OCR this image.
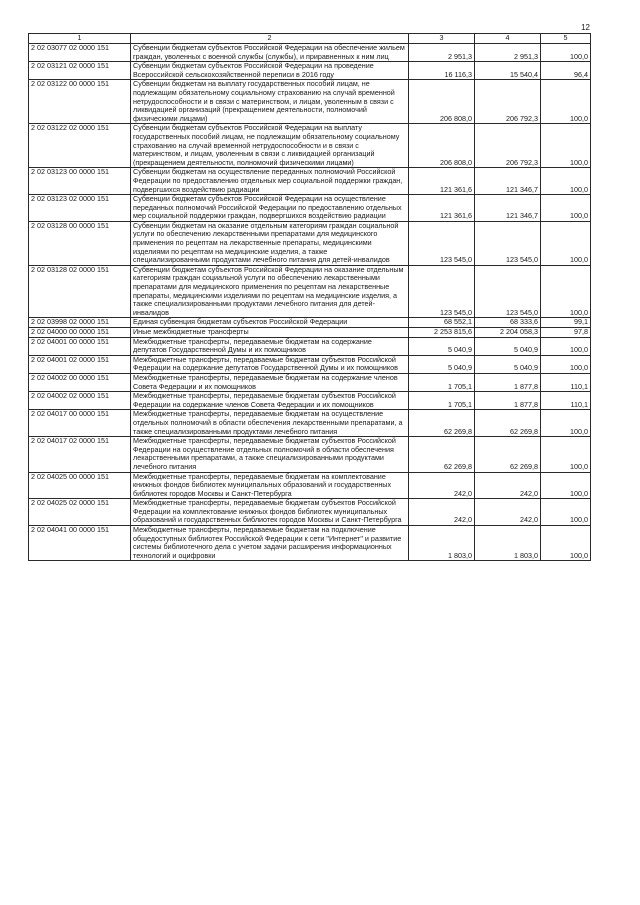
12
1	2	3	4	5
2 02 03077 02 0000 151	Субвенции бюджетам субъектов Российской Федерации на обеспечение жильем граждан, уволенных с военной службы (службы), и приравненных к ним лиц	2 951,3	2 951,3	100,0
2 02 03121 02 0000 151	Субвенции бюджетам субъектов Российской Федерации на проведение Всероссийской сельскохозяйственной переписи в 2016 году	16 116,3	15 540,4	96,4
2 02 03122 00 0000 151	Субвенции бюджетам на выплату государственных пособий лицам, не подлежащим обязательному социальному страхованию на случай временной нетрудоспособности и в связи с материнством, и лицам, уволенным в связи с ликвидацией организаций (прекращением деятельности, полномочий физическими лицами)	206 808,0	206 792,3	100,0
2 02 03122 02 0000 151	Субвенции бюджетам субъектов Российской Федерации на выплату государственных пособий лицам, не подлежащим обязательному социальному страхованию на случай временной нетрудоспособности и в связи с материнством, и лицам, уволенным в связи с ликвидацией организаций (прекращением деятельности, полномочий физическими лицами)	206 808,0	206 792,3	100,0
2 02 03123 00 0000 151	Субвенции бюджетам на осуществление переданных полномочий Российской Федерации по предоставлению отдельных мер социальной поддержки граждан, подвергшихся воздействию радиации	121 361,6	121 346,7	100,0
2 02 03123 02 0000 151	Субвенции бюджетам субъектов Российской Федерации на осуществление переданных полномочий Российской Федерации по предоставлению отдельных мер социальной поддержки граждан, подвергшихся воздействию радиации	121 361,6	121 346,7	100,0
2 02 03128 00 0000 151	Субвенции бюджетам на оказание отдельным категориям граждан социальной услуги по обеспечению лекарственными препаратами для медицинского применения по рецептам на лекарственные препараты, медицинскими изделиями по рецептам на медицинские изделия, а также специализированными продуктами лечебного питания для детей-инвалидов	123 545,0	123 545,0	100,0
2 02 03128 02 0000 151	Субвенции бюджетам субъектов Российской Федерации на оказание отдельным категориям граждан социальной услуги по обеспечению лекарственными препаратами для медицинского применения по рецептам на лекарственные препараты, медицинскими изделиями по рецептам на медицинские изделия, а также специализированными продуктами лечебного питания для детей-инвалидов	123 545,0	123 545,0	100,0
2 02 03998 02 0000 151	Единая субвенция бюджетам субъектов Российской Федерации	68 552,1	68 333,6	99,1
2 02 04000 00 0000 151	Иные межбюджетные трансферты	2 253 815,6	2 204 058,3	97,8
2 02 04001 00 0000 151	Межбюджетные трансферты, передаваемые бюджетам на содержание депутатов Государственной Думы и их помощников	5 040,9	5 040,9	100,0
2 02 04001 02 0000 151	Межбюджетные трансферты, передаваемые бюджетам субъектов Российской Федерации на содержание депутатов Государственной Думы и их помощников	5 040,9	5 040,9	100,0
2 02 04002 00 0000 151	Межбюджетные трансферты, передаваемые бюджетам на содержание членов Совета Федерации и их помощников	1 705,1	1 877,8	110,1
2 02 04002 02 0000 151	Межбюджетные трансферты, передаваемые бюджетам субъектов Российской Федерации на содержание членов Совета Федерации и их помощников	1 705,1	1 877,8	110,1
2 02 04017 00 0000 151	Межбюджетные трансферты, передаваемые бюджетам на осуществление отдельных полномочий в области обеспечения лекарственными препаратами, а также специализированными продуктами лечебного питания	62 269,8	62 269,8	100,0
2 02 04017 02 0000 151	Межбюджетные трансферты, передаваемые бюджетам субъектов Российской Федерации на осуществление отдельных полномочий в области обеспечения лекарственными препаратами, а также специализированными продуктами лечебного питания	62 269,8	62 269,8	100,0
2 02 04025 00 0000 151	Межбюджетные трансферты, передаваемые бюджетам на комплектование книжных фондов библиотек муниципальных образований и государственных библиотек городов Москвы и Санкт-Петербурга	242,0	242,0	100,0
2 02 04025 02 0000 151	Межбюджетные трансферты, передаваемые бюджетам субъектов Российской Федерации на комплектование книжных фондов библиотек муниципальных образований и государственных библиотек городов Москвы и Санкт-Петербурга	242,0	242,0	100,0
2 02 04041 00 0000 151	Межбюджетные трансферты, передаваемые бюджетам на подключение общедоступных библиотек Российской Федерации к сети "Интернет" и развитие системы библиотечного дела с учетом задачи расширения информационных технологий и оцифровки	1 803,0	1 803,0	100,0
